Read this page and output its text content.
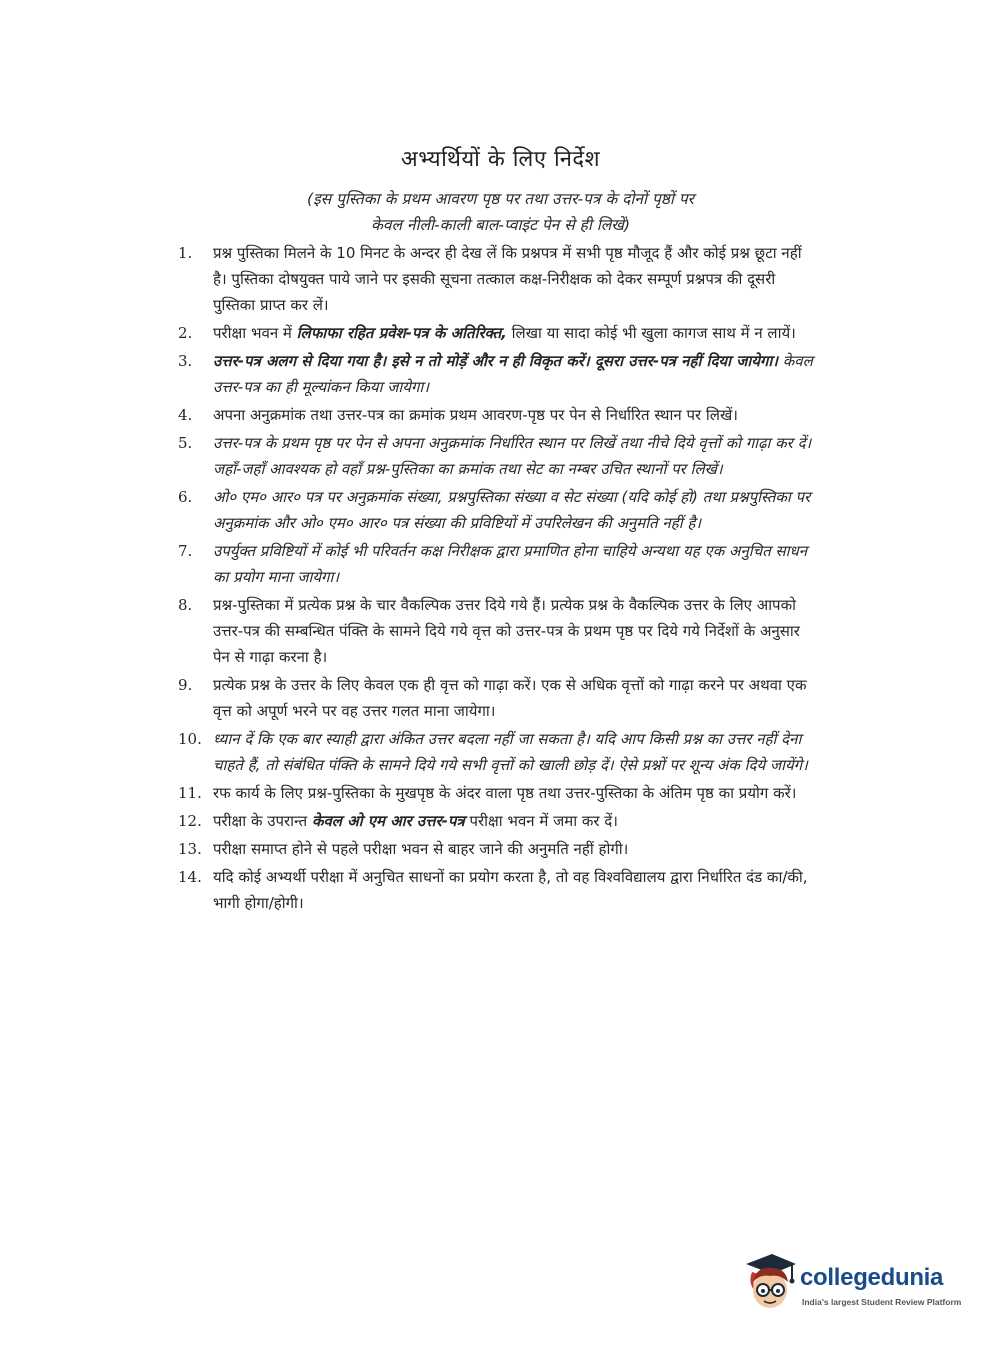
अभ्यर्थियों के लिए निर्देश
(इस पुस्तिका के प्रथम आवरण पृष्ठ पर तथा उत्तर-पत्र के दोनों पृष्ठों पर
केवल नीली-काली बाल-प्वाइंट पेन से ही लिखें)
1.	प्रश्न पुस्तिका मिलने के 10 मिनट के अन्दर ही देख लें कि प्रश्नपत्र में सभी पृष्ठ मौजूद हैं और कोई प्रश्न छूटा नहीं है। पुस्तिका दोषयुक्त पाये जाने पर इसकी सूचना तत्काल कक्ष-निरीक्षक को देकर सम्पूर्ण प्रश्नपत्र की दूसरी पुस्तिका प्राप्त कर लें।
2.	परीक्षा भवन में लिफाफा रहित प्रवेश-पत्र के अतिरिक्त, लिखा या सादा कोई भी खुला कागज साथ में न लायें।
3.	उत्तर-पत्र अलग से दिया गया है। इसे न तो मोड़ें और न ही विकृत करें। दूसरा उत्तर-पत्र नहीं दिया जायेगा। केवल उत्तर-पत्र का ही मूल्यांकन किया जायेगा।
4.	अपना अनुक्रमांक तथा उत्तर-पत्र का क्रमांक प्रथम आवरण-पृष्ठ पर पेन से निर्धारित स्थान पर लिखें।
5.	उत्तर-पत्र के प्रथम पृष्ठ पर पेन से अपना अनुक्रमांक निर्धारित स्थान पर लिखें तथा नीचे दिये वृत्तों को गाढ़ा कर दें। जहाँ-जहाँ आवश्यक हो वहाँ प्रश्न-पुस्तिका का क्रमांक तथा सेट का नम्बर उचित स्थानों पर लिखें।
6.	ओ० एम० आर० पत्र पर अनुक्रमांक संख्या, प्रश्नपुस्तिका संख्या व सेट संख्या (यदि कोई हो) तथा प्रश्नपुस्तिका पर अनुक्रमांक और ओ० एम० आर० पत्र संख्या की प्रविष्टियों में उपरिलेखन की अनुमति नहीं है।
7.	उपर्युक्त प्रविष्टियों में कोई भी परिवर्तन कक्ष निरीक्षक द्वारा प्रमाणित होना चाहिये अन्यथा यह एक अनुचित साधन का प्रयोग माना जायेगा।
8.	प्रश्न-पुस्तिका में प्रत्येक प्रश्न के चार वैकल्पिक उत्तर दिये गये हैं। प्रत्येक प्रश्न के वैकल्पिक उत्तर के लिए आपको उत्तर-पत्र की सम्बन्धित पंक्ति के सामने दिये गये वृत्त को उत्तर-पत्र के प्रथम पृष्ठ पर दिये गये निर्देशों के अनुसार पेन से गाढ़ा करना है।
9.	प्रत्येक प्रश्न के उत्तर के लिए केवल एक ही वृत्त को गाढ़ा करें। एक से अधिक वृत्तों को गाढ़ा करने पर अथवा एक वृत्त को अपूर्ण भरने पर वह उत्तर गलत माना जायेगा।
10. ध्यान दें कि एक बार स्याही द्वारा अंकित उत्तर बदला नहीं जा सकता है। यदि आप किसी प्रश्न का उत्तर नहीं देना चाहते हैं, तो संबंधित पंक्ति के सामने दिये गये सभी वृत्तों को खाली छोड़ दें। ऐसे प्रश्नों पर शून्य अंक दिये जायेंगे।
11. रफ कार्य के लिए प्रश्न-पुस्तिका के मुखपृष्ठ के अंदर वाला पृष्ठ तथा उत्तर-पुस्तिका के अंतिम पृष्ठ का प्रयोग करें।
12. परीक्षा के उपरान्त केवल ओ एम आर उत्तर-पत्र परीक्षा भवन में जमा कर दें।
13. परीक्षा समाप्त होने से पहले परीक्षा भवन से बाहर जाने की अनुमति नहीं होगी।
14. यदि कोई अभ्यर्थी परीक्षा में अनुचित साधनों का प्रयोग करता है, तो वह विश्वविद्यालय द्वारा निर्धारित दंड का/की, भागी होगा/होगी।
collegedunia
India's largest Student Review Platform
